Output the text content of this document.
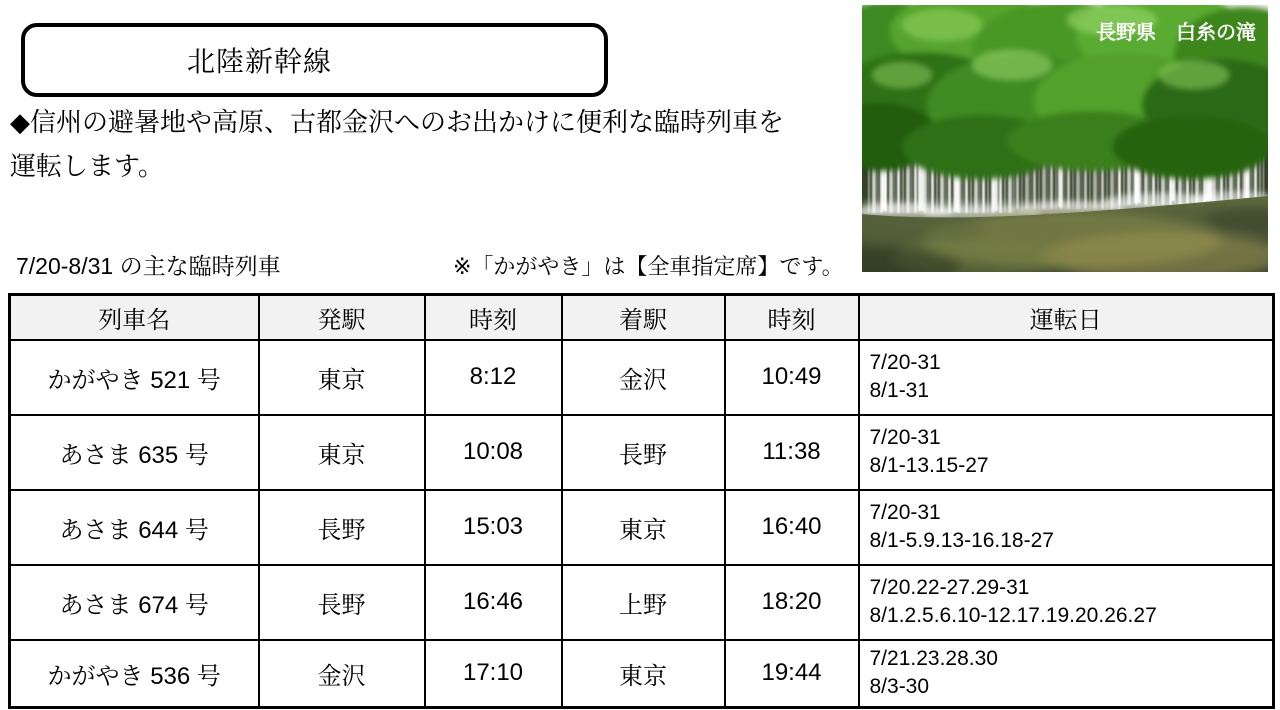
北陸新幹線
◆信州の避暑地や高原、古都金沢へのお出かけに便利な臨時列車を
運転します。
長野県　白糸の滝
7/20-8/31 の主な臨時列車	※「かがやき」は【全車指定席】です。
列車名	発駅	時刻	着駅	時刻	運転日
かがやき 521 号	東京	8:12	金沢	10:49	7/20-31
8/1-31

あさま 635 号	東京	10:08	長野	11:38	7/20-31
8/1-13.15-27

あさま 644 号	長野	15:03	東京	16:40	7/20-31
8/1-5.9.13-16.18-27

あさま 674 号	長野	16:46	上野	18:20	7/20.22-27.29-31
8/1.2.5.6.10-12.17.19.20.26.27

かがやき 536 号	金沢	17:10	東京	19:44	7/21.23.28.30
8/3-30
